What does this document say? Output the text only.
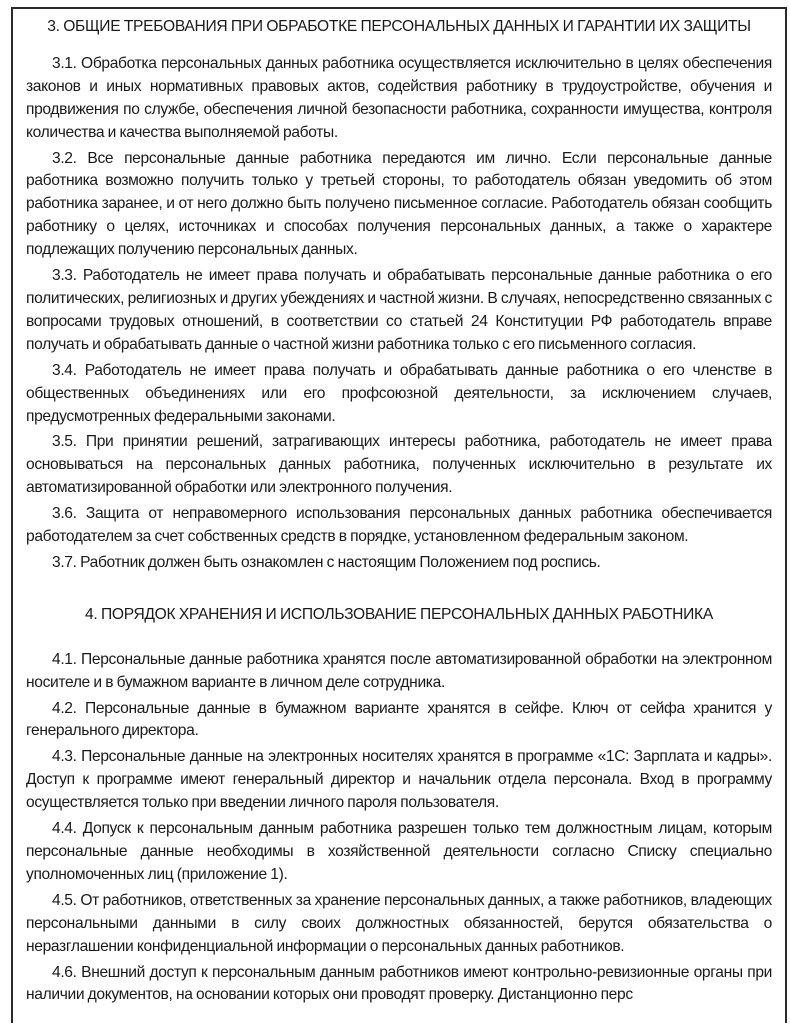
3. ОБЩИЕ ТРЕБОВАНИЯ ПРИ ОБРАБОТКЕ ПЕРСОНАЛЬНЫХ ДАННЫХ И ГАРАНТИИ ИХ ЗАЩИТЫ

3.1. Обработка персональных данных работника осуществляется исключительно в целях обеспечения законов и иных нормативных правовых актов, содействия работнику в трудоустройстве, обучения и продвижения по службе, обеспечения личной безопасности работника, сохранности имущества, контроля количества и качества выполняемой работы.

3.2. Все персональные данные работника передаются им лично. Если персональные данные работника возможно получить только у третьей стороны, то работодатель обязан уведомить об этом работника заранее, и от него должно быть получено письменное согласие. Работодатель обязан сообщить работнику о целях, источниках и способах получения персональных данных, а также о характере подлежащих получению персональных данных.

3.3. Работодатель не имеет права получать и обрабатывать персональные данные работника о его политических, религиозных и других убеждениях и частной жизни. В случаях, непосредственно связанных с вопросами трудовых отношений, в соответствии со статьей 24 Конституции РФ работодатель вправе получать и обрабатывать данные о частной жизни работника только с его письменного согласия.

3.4. Работодатель не имеет права получать и обрабатывать данные работника о его членстве в общественных объединениях или его профсоюзной деятельности, за исключением случаев, предусмотренных федеральными законами.

3.5. При принятии решений, затрагивающих интересы работника, работодатель не имеет права основываться на персональных данных работника, полученных исключительно в результате их автоматизированной обработки или электронного получения.

3.6. Защита от неправомерного использования персональных данных работника обеспечивается работодателем за счет собственных средств в порядке, установленном федеральным законом.

3.7. Работник должен быть ознакомлен с настоящим Положением под роспись.

4. ПОРЯДОК ХРАНЕНИЯ И ИСПОЛЬЗОВАНИЕ ПЕРСОНАЛЬНЫХ ДАННЫХ РАБОТНИКА

4.1. Персональные данные работника хранятся после автоматизированной обработки на электронном носителе и в бумажном варианте в личном деле сотрудника.

4.2. Персональные данные в бумажном варианте хранятся в сейфе. Ключ от сейфа хранится у генерального директора.

4.3. Персональные данные на электронных носителях хранятся в программе «1С: Зарплата и кадры». Доступ к программе имеют генеральный директор и начальник отдела персонала. Вход в программу осуществляется только при введении личного пароля пользователя.

4.4. Допуск к персональным данным работника разрешен только тем должностным лицам, которым персональные данные необходимы в хозяйственной деятельности согласно Списку специально уполномоченных лиц (приложение 1).

4.5. От работников, ответственных за хранение персональных данных, а также работников, владеющих персональными данными в силу своих должностных обязанностей, берутся обязательства о неразглашении конфиденциальной информации о персональных данных работников.

4.6. Внешний доступ к персональным данным работников имеют контрольно-ревизионные органы при наличии документов, на основании которых они проводят проверку. Дистанционно перс
